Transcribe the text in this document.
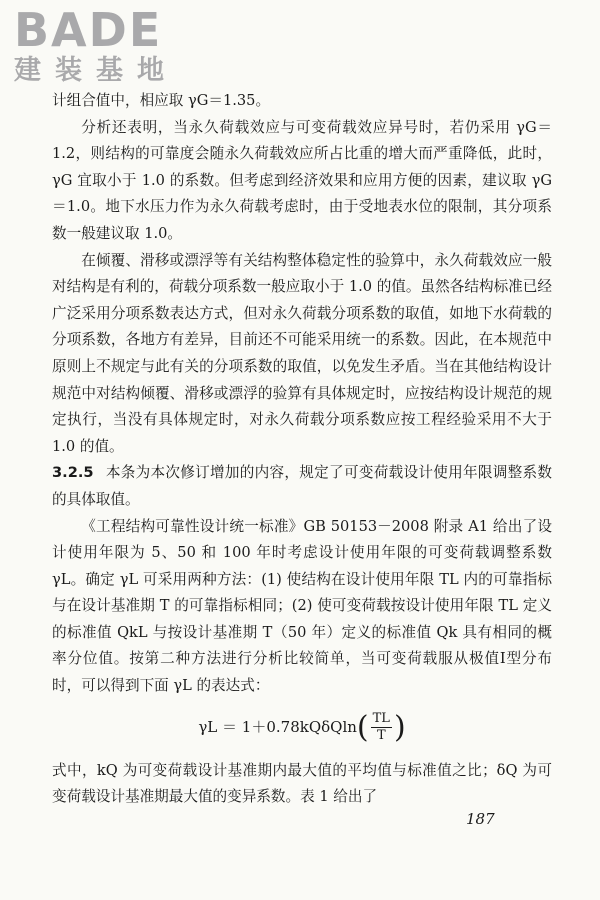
BADE
建装基地

计组合值中，相应取 γG＝1.35。

分析还表明，当永久荷载效应与可变荷载效应异号时，若仍采用 γG＝1.2，则结构的可靠度会随永久荷载效应所占比重的增大而严重降低，此时，γG 宜取小于 1.0 的系数。但考虑到经济效果和应用方便的因素，建议取 γG＝1.0。地下水压力作为永久荷载考虑时，由于受地表水位的限制，其分项系数一般建议取 1.0。

在倾覆、滑移或漂浮等有关结构整体稳定性的验算中，永久荷载效应一般对结构是有利的，荷载分项系数一般应取小于 1.0 的值。虽然各结构标准已经广泛采用分项系数表达方式，但对永久荷载分项系数的取值，如地下水荷载的分项系数，各地方有差异，目前还不可能采用统一的系数。因此，在本规范中原则上不规定与此有关的分项系数的取值，以免发生矛盾。当在其他结构设计规范中对结构倾覆、滑移或漂浮的验算有具体规定时，应按结构设计规范的规定执行，当没有具体规定时，对永久荷载分项系数应按工程经验采用不大于 1.0 的值。

3.2.5 本条为本次修订增加的内容，规定了可变荷载设计使用年限调整系数的具体取值。

《工程结构可靠性设计统一标准》GB 50153－2008 附录 A1 给出了设计使用年限为 5、50 和 100 年时考虑设计使用年限的可变荷载调整系数 γL。确定 γL 可采用两种方法：(1) 使结构在设计使用年限 TL 内的可靠指标与在设计基准期 T 的可靠指标相同；(2) 使可变荷载按设计使用年限 TL 定义的标准值 QkL 与按设计基准期 T（50 年）定义的标准值 Qk 具有相同的概率分位值。按第二种方法进行分析比较简单，当可变荷载服从极值Ⅰ型分布时，可以得到下面 γL 的表达式：

γL ＝ 1＋0.78kQδQln ( $\frac{TL}{T}$ )

式中，kQ 为可变荷载设计基准期内最大值的平均值与标准值之比；δQ 为可变荷载设计基准期最大值的变异系数。表 1 给出了

187
